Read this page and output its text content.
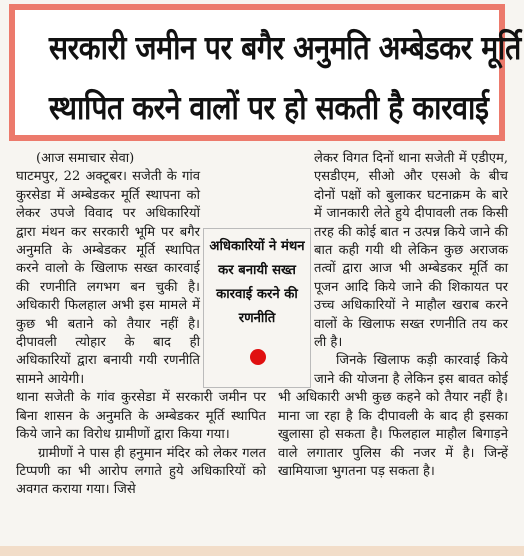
सरकारी जमीन पर बगैर अनुमति अम्बेडकर मूर्ति
स्थापित करने वालों पर हो सकती है कारवाई

(आज समाचार सेवा)

घाटमपुर, 22 अक्टूबर। सजेती के गांव कुरसेडा में अम्बेडकर मूर्ति स्थापना को लेकर उपजे विवाद पर अधिकारियों द्वारा मंथन कर सरकारी भूमि पर बगैर अनुमति के अम्बेडकर मूर्ति स्थापित करने वालो के खिलाफ सख्त कारवाई की रणनीति लगभग बन चुकी है। अधिकारी फिलहाल अभी इस मामले में कुछ भी बताने को तैयार नहीं है। दीपावली त्योहार के बाद ही अधिकारियों द्वारा बनायी गयी रणनीति सामने आयेगी।

थाना सजेती के गांव कुरसेडा में सरकारी जमीन पर बिना शासन के अनुमति के अम्बेडकर मूर्ति स्थापित किये जाने का विरोध ग्रामीणों द्वारा किया गया।

ग्रामीणों ने पास ही हनुमान मंदिर को लेकर गलत टिप्पणी का भी आरोप लगाते हुये अधिकारियों को अवगत कराया गया। जिसे

लेकर विगत दिनों थाना सजेती में एडीएम, एसडीएम, सीओ और एसओ के बीच दोनों पक्षों को बुलाकर घटनाक्रम के बारे में जानकारी लेते हुये दीपावली तक किसी तरह की कोई बात न उत्पन्न किये जाने की बात कही गयी थी लेकिन कुछ अराजक तत्वों द्वारा आज भी अम्बेडकर मूर्ति का पूजन आदि किये जाने की शिकायत पर उच्च अधिकारियों ने माहौल खराब करने वालों के खिलाफ सख्त रणनीति तय कर ली है।

जिनके खिलाफ कड़ी कारवाई किये जाने की योजना है लेकिन इस बावत कोई भी अधिकारी अभी कुछ कहने को तैयार नहीं है। माना जा रहा है कि दीपावली के बाद ही इसका खुलासा हो सकता है। फिलहाल माहौल बिगाड़ने वाले लगातार पुलिस की नजर में है। जिन्हें खामियाजा भुगतना पड़ सकता है।

अधिकारियों ने मंथन कर बनायी सख्त कारवाई करने की रणनीति
